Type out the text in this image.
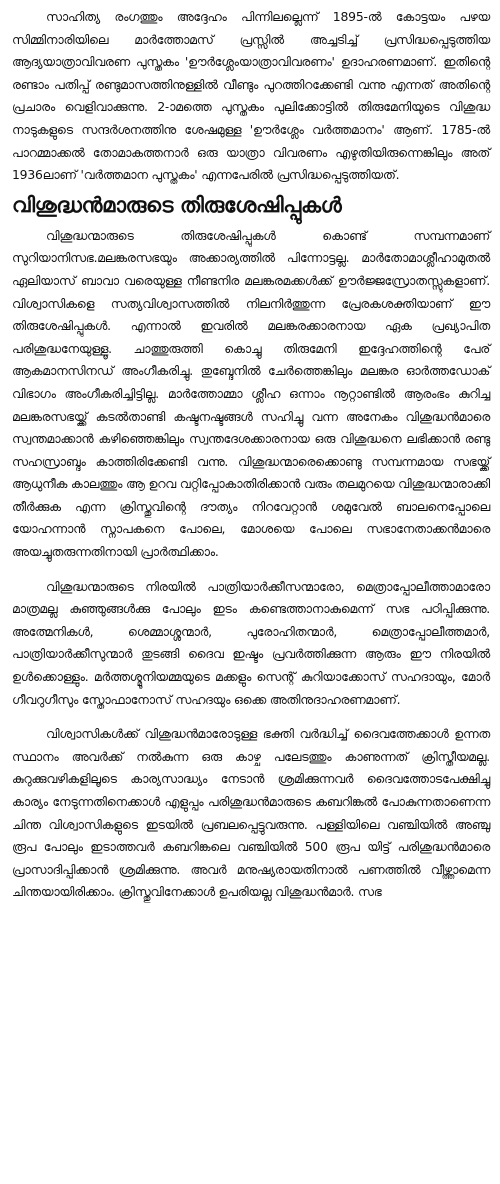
സാഹിത്യ രംഗത്തും അദ്ദേഹം പിന്നിലല്ലെന്ന് 1895-ൽ കോട്ടയം പഴയ സിമ്മിനാരിയിലെ മാർത്തോമസ് പ്രസ്സിൽ അച്ചടിച്ച് പ്രസിദ്ധപ്പെടുത്തിയ ആദ്യയാത്രാവിവരണ പുസ്തകം 'ഊർശ്ലേംയാത്രാവിവരണം' ഉദാഹരണമാണ്. ഇതിന്റെ രണ്ടാം പതിപ്പ് രണ്ടുമാസത്തിനുള്ളിൽ വീണ്ടും പുറത്തിറക്കേണ്ടി വന്നു എന്നത് അതിന്റെ പ്രചാരം വെളിവാക്കുന്നു. 2-ാമത്തെ പുസ്തകം പുലിക്കോട്ടിൽ തിരുമേനിയുടെ വിശുദ്ധ നാടുകളുടെ സന്ദർശനത്തിനു ശേഷമുള്ള 'ഊർശ്ലേം വർത്തമാനം' ആണ്. 1785-ൽ പാറമ്മാക്കൽ തോമാകത്തനാർ ഒരു യാത്രാ വിവരണം എഴുതിയിരുന്നെങ്കിലും അത് 1936ലാണ് 'വർത്തമാന പുസ്തകം' എന്നപേരിൽ പ്രസിദ്ധപ്പെടുത്തിയത്.

വിശുദ്ധൻമാരുടെ തിരുശേഷിപ്പുകൾ

വിശുദ്ധന്മാരുടെ തിരുശേഷിപ്പുകൾ കൊണ്ട് സമ്പന്നമാണ് സുറിയാനിസഭ.മലങ്കരസഭയും അക്കാര്യത്തിൽ പിന്നോട്ടല്ല. മാർതോമാശ്ലീഹാമുതൽ ഏലിയാസ് ബാവാ വരെയുള്ള നീണ്ടനിര മലങ്കരമക്കൾക്ക് ഊർജ്ജസ്രോതസ്സുകളാണ്. വിശ്വാസികളെ സത്യവിശ്വാസത്തിൽ നിലനിർത്തുന്ന പ്രേരകശക്തിയാണ് ഈ തിരുശേഷിപ്പുകൾ. എന്നാൽ ഇവരിൽ മലങ്കരക്കാരനായ ഏക പ്രഖ്യാപിത പരിശുദ്ധനേയുള്ളൂ. ചാത്തുരുത്തി കൊച്ചു തിരുമേനി ഇദ്ദേഹത്തിന്റെ പേര് ആകമാനസിനഡ് അംഗീകരിച്ചു. തുബ്ദേനിൽ ചേർത്തെങ്കിലും മലങ്കര ഓർത്തഡോക് വിഭാഗം അംഗീകരിച്ചിട്ടില്ല. മാർത്തോമ്മാ ശ്ലീഹ ഒന്നാം നൂറ്റാണ്ടിൽ ആരംഭം കുറിച്ച മലങ്കരസഭയ്ക്ക് കടൽതാണ്ടി കഷ്ടനഷ്ടങ്ങൾ സഹിച്ചു വന്ന അനേകം വിശുദ്ധൻമാരെ സ്വന്തമാക്കാൻ കഴിഞ്ഞെങ്കിലും സ്വന്തദേശക്കാരനായ ഒരു വിശുദ്ധനെ ലഭിക്കാൻ രണ്ടു സഹസ്രാബ്ദം കാത്തിരിക്കേണ്ടി വന്നു. വിശുദ്ധന്മാരെക്കൊണ്ടു സമ്പന്നമായ സഭയ്ക്ക് ആധുനീക കാലത്തും ആ ഉറവ വറ്റിപ്പോകാതിരിക്കാൻ വരും തലമുറയെ വിശുദ്ധന്മാരാക്കി തീർക്കുക എന്ന ക്രിസ്തുവിന്റെ ദൗത്യം നിറവേറ്റാൻ ശമുവേൽ ബാലനെപ്പോലെ യോഹന്നാൻ സ്നാപകനെ പോലെ, മോശയെ പോലെ സഭാനേതാക്കൻമാരെ അയച്ചുതരുന്നതിനായി പ്രാർത്ഥിക്കാം.

വിശുദ്ധന്മാരുടെ നിരയിൽ പാത്രിയാർക്കീസന്മാരോ, മെത്രാപ്പോലീത്താമാരോ മാത്രമല്ല കുഞ്ഞുങ്ങൾക്കു പോലും ഇടം കണ്ടെത്താനാകുമെന്ന് സഭ പഠിപ്പിക്കുന്നു. അത്മേനികൾ, ശെമ്മാശ്ശന്മാർ, പുരോഹിതന്മാർ, മെത്രാപ്പോലീത്തമാർ, പാത്രിയാർക്കീസുന്മാർ തുടങ്ങി ദൈവ ഇഷ്ടം പ്രവർത്തിക്കുന്ന ആരും ഈ നിരയിൽ ഉൾക്കൊള്ളും. മർത്തശ്മൂനിയമ്മയുടെ മക്കളും സെന്റ് കുറിയാക്കോസ് സഹദായും, മോർ ഗീവറുഗീസും സ്തോഫാനോസ് സഹദയും ഒക്കെ അതിനുദാഹരണമാണ്.

വിശ്വാസികൾക്ക് വിശുദ്ധൻമാരോടുള്ള ഭക്തി വർദ്ധിച്ച് ദൈവത്തേക്കാൾ ഉന്നത സ്ഥാനം അവർക്ക് നൽകുന്ന ഒരു കാഴ്ച പലേടത്തും കാണുന്നത് ക്രിസ്തീയമല്ല. കുറുക്കുവഴികളിലൂടെ കാര്യസാദ്ധ്യം നേടാൻ ശ്രമിക്കുന്നവർ ദൈവത്തോടപേക്ഷിച്ചു കാര്യം നേടുന്നതിനെക്കാൾ എളുപ്പം പരിശുദ്ധൻമാരുടെ കബറിങ്കൽ പോകുന്നതാണെന്ന ചിന്ത വിശ്വാസികളുടെ ഇടയിൽ പ്രബലപ്പെട്ടുവരുന്നു. പള്ളിയിലെ വഞ്ചിയിൽ അഞ്ചു രൂപ പോലും ഇടാത്തവർ കബറിങ്കലെ വഞ്ചിയിൽ 500 രൂപ യിട്ട് പരിശുദ്ധൻമാരെ പ്രാസാദിപ്പിക്കാൻ ശ്രമിക്കുന്നു. അവർ മനുഷ്യരായതിനാൽ പണത്തിൽ വീഴ്ത്താമെന്ന ചിന്തയായിരിക്കാം. ക്രിസ്തുവിനേക്കാൾ ഉപരിയല്ല വിശുദ്ധൻമാർ. സഭ
